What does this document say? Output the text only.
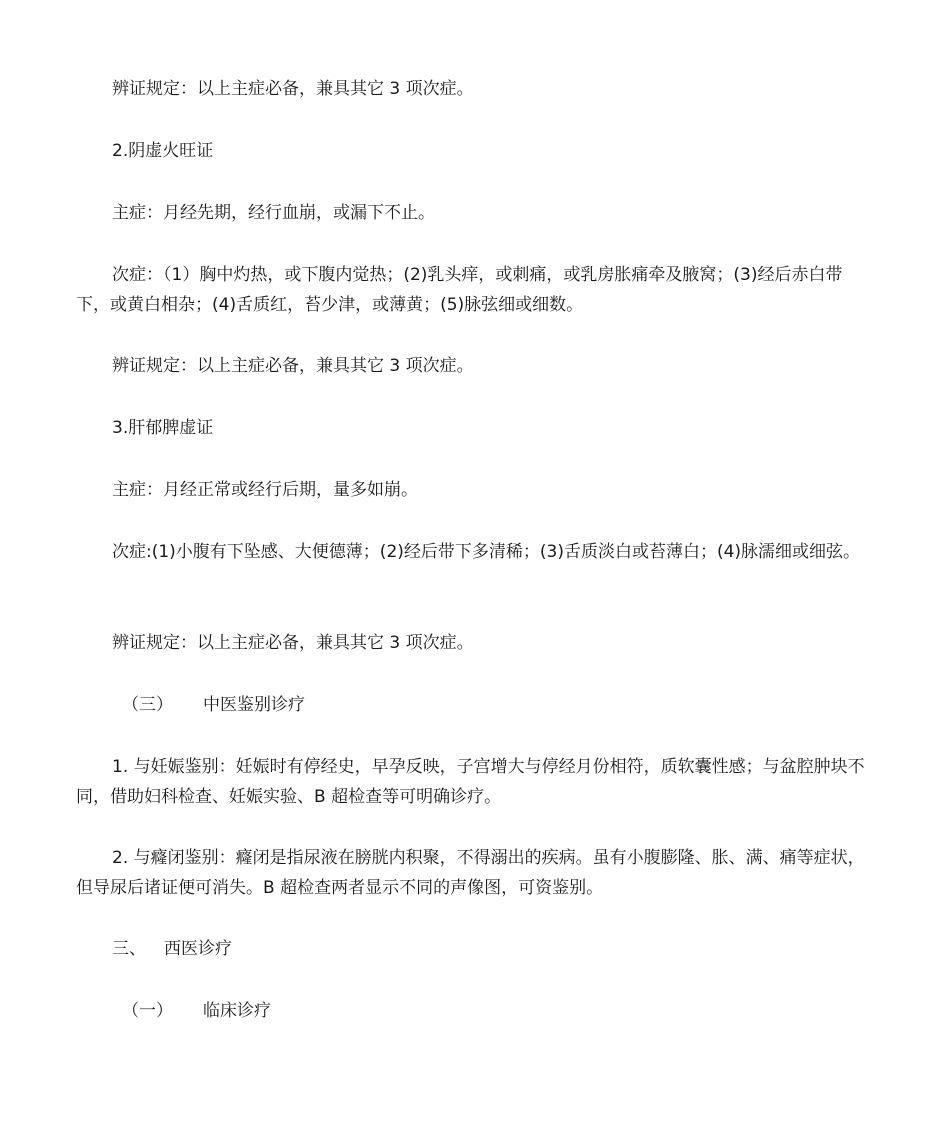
辨证规定：以上主症必备，兼具其它 3 项次症。

2.阴虚火旺证

主症：月经先期，经行血崩，或漏下不止。

次症：（1）胸中灼热，或下腹内觉热；(2)乳头痒，或刺痛，或乳房胀痛牵及腋窝；(3)经后赤白带下，或黄白相杂；(4)舌质红，苔少津，或薄黄；(5)脉弦细或细数。

辨证规定：以上主症必备，兼具其它 3 项次症。

3.肝郁脾虚证

主症：月经正常或经行后期，量多如崩。

次症:(1)小腹有下坠感、大便德薄；(2)经后带下多清稀；(3)舌质淡白或苔薄白；(4)脉濡细或细弦。

辨证规定：以上主症必备，兼具其它 3 项次症。

（三） 中医鉴别诊疗

1. 与妊娠鉴别：妊娠时有停经史，早孕反映，子宫增大与停经月份相符，质软囊性感；与盆腔肿块不同，借助妇科检查、妊娠实验、B 超检查等可明确诊疗。

2. 与癃闭鉴别：癃闭是指尿液在膀胱内积聚，不得溺出的疾病。虽有小腹膨隆、胀、满、痛等症状，但导尿后诸证便可消失。B 超检查两者显示不同的声像图，可资鉴别。

三、 西医诊疗

（一） 临床诊疗
